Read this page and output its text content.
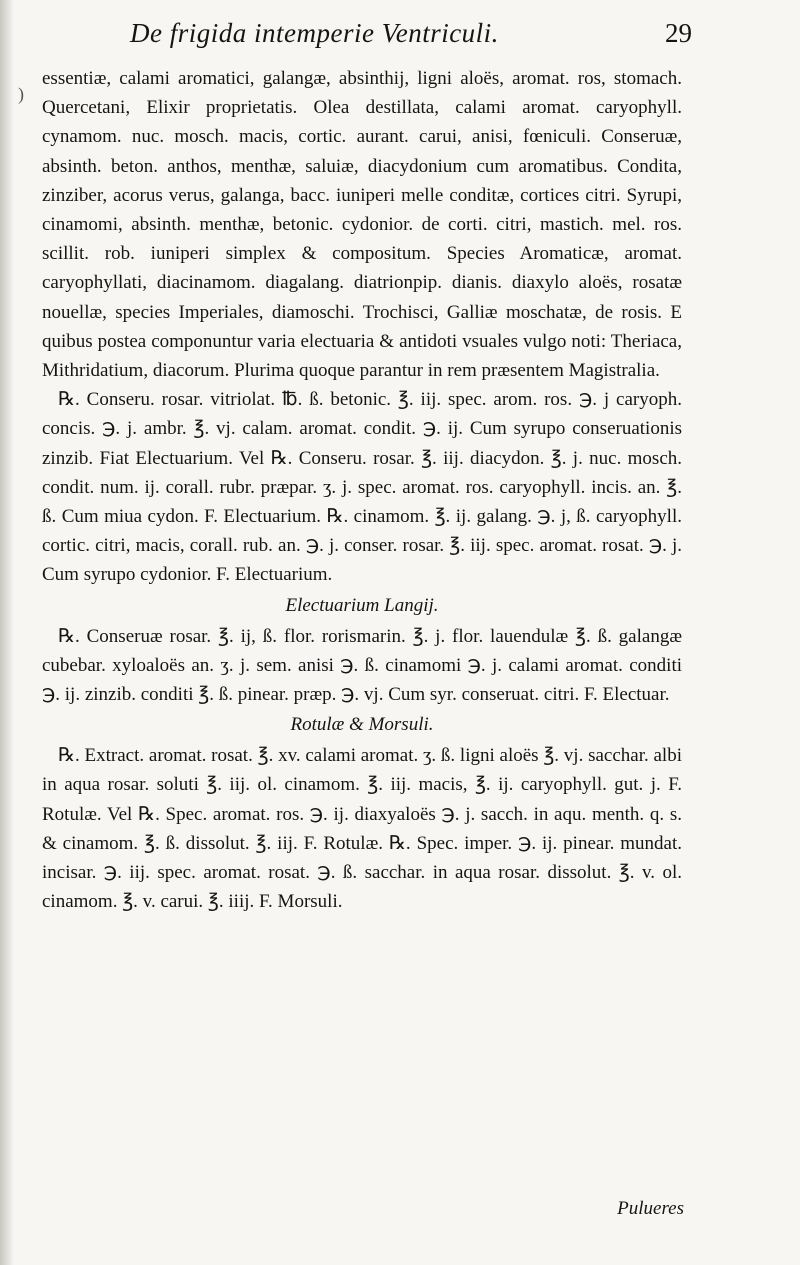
)
De frigida intemperie Ventriculi.	29

essentiæ, calami aromatici, galangæ, absinthij, ligni aloës, aromat. ros, stomach. Quercetani, Elixir proprietatis. Olea destillata, calami aromat. caryophyll. cynamom. nuc. mosch. macis, cortic. aurant. carui, anisi, fœniculi. Conseruæ, absinth. beton. anthos, menthæ, saluiæ, diacydonium cum aromatibus. Condita, zinziber, acorus verus, galanga, bacc. iuniperi melle conditæ, cortices citri. Syrupi, cinamomi, absinth. menthæ, betonic. cydonior. de corti. citri, mastich. mel. ros. scillit. rob. iuniperi simplex & compositum. Species Aromaticæ, aromat. caryophyllati, diacinamom. diagalang. diatrionpip. dianis. diaxylo aloës, rosatæ nouellæ, species Imperiales, diamoschi. Trochisci, Galliæ moschatæ, de rosis. E quibus postea componuntur varia electuaria & antidoti vsuales vulgo noti: Theriaca, Mithridatium, diacorum. Plurima quoque parantur in rem præsentem Magistralia.

℞. Conseru. rosar. vitriolat. ℔. ß. betonic. ℥. iij. spec. arom. ros. ℈. j caryoph. concis. ℈. j. ambr. ℥. vj. calam. aromat. condit. ℈. ij. Cum syrupo conseruationis zinzib. Fiat Electuarium. Vel ℞. Conseru. rosar. ℥. iij. diacydon. ℥. j. nuc. mosch. condit. num. ij. corall. rubr. præpar. ʒ. j. spec. aromat. ros. caryophyll. incis. an. ℥. ß. Cum miua cydon. F. Electuarium. ℞. cinamom. ℥. ij. galang. ℈. j, ß. caryophyll. cortic. citri, macis, corall. rub. an. ℈. j. conser. rosar. ℥. iij. spec. aromat. rosat. ℈. j. Cum syrupo cydonior. F. Electuarium.

Electuarium Langij.

℞. Conseruæ rosar. ℥. ij, ß. flor. rorismarin. ℥. j. flor. lauendulæ ℥. ß. galangæ cubebar. xyloaloës an. ʒ. j. sem. anisi ℈. ß. cinamomi ℈. j. calami aromat. conditi ℈. ij. zinzib. conditi ℥. ß. pinear. præp. ℈. vj. Cum syr. conseruat. citri. F. Electuar.

Rotulæ & Morsuli.

℞. Extract. aromat. rosat. ℥. xv. calami aromat. ʒ. ß. ligni aloës ℥. vj. sacchar. albi in aqua rosar. soluti ℥. iij. ol. cinamom. ℥. iij. macis, ℥. ij. caryophyll. gut. j. F. Rotulæ. Vel ℞. Spec. aromat. ros. ℈. ij. diaxyaloës ℈. j. sacch. in aqu. menth. q. s. & cinamom. ℥. ß. dissolut. ℥. iij. F. Rotulæ. ℞. Spec. imper. ℈. ij. pinear. mundat. incisar. ℈. iij. spec. aromat. rosat. ℈. ß. sacchar. in aqua rosar. dissolut. ℥. v. ol. cinamom. ℥. v. carui. ℥. iiij. F. Morsuli.

Pulueres
